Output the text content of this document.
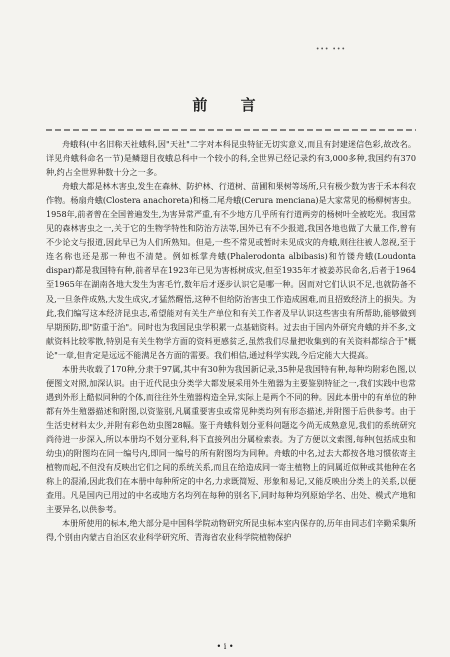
••• •••
前 言

舟蛾科(中名旧称天社蛾科,因"天社"二字对本科昆虫特征无切实意义,而且有封建迷信色彩,故改名。详见舟蛾科命名一节)是鳞翅目夜蛾总科中一个较小的科,全世界已经记录约有3,000多种,我国约有370种,约占全世界种数十分之一多。

舟蛾大都是林木害虫,发生在森林、防护林、行道树、苗圃和果树等场所,只有极少数为害于禾本科农作物。杨扇舟蛾(Clostera anachoreta)和杨二尾舟蛾(Cerura menciana)是大家常见的杨柳树害虫。1958年,前者曾在全国普遍发生,为害异常严重,有不少地方几乎所有行道两旁的杨树叶全被吃光。我国常见的森林害虫之一,关于它的生物学特性和防治方法等,国外已有不少报道,我国各地也做了大量工作,曾有不少论文与报道,因此早已为人们所熟知。但是,一些不常见或暂时未见成灾的舟蛾,则往往被人忽视,至于连名称也还是那一种也不清楚。例如栎掌舟蛾(Phalerodonta albibasis)和竹镂舟蛾(Loudonta dispar)都是我国特有种,前者早在1923年已见为害栎树成灾,但至1935年才被姜苏民命名,后者于1964至1965年在湖南各地大发生为害毛竹,数年后才逐步认识它是哪一种。因而对它们认识不足,也就防备不及,一旦条件成熟,大发生成灾,才猛然醒悟,这种不但给防治害虫工作造成困难,而且招致经济上的损失。为此,我们编写这本经济昆虫志,希望能对有关生产单位和有关工作者及早认识这些害虫有所帮助,能够做到早期预防,即"防重于治"。同时也为我国昆虫学积累一点基础资料。过去由于国内外研究舟蛾的并不多,文献资料比较零散,特别是有关生物学方面的资料更感贫乏,虽然我们尽量把收集到的有关资料都综合于"概论"一章,但肯定是远远不能满足各方面的需要。我们相信,通过科学实践,今后定能大大提高。

本册共收载了170种,分隶于97属,其中有30种为我国新记录,35种是我国特有种,每种均附彩色图,以便图文对照,加深认识。由于近代昆虫分类学大都发展采用外生殖器为主要鉴别特征之一,我们实践中也常遇到外形上酷似同种的个体,而往往外生殖器构造全异,实际上是两个不同的种。因此本册中的有单位的种都有外生殖器描述和附图,以资鉴别,凡属重要害虫或常见种类均列有形态描述,并附图于后供参考。由于生活史材料太少,并附有彩色幼虫图28幅。鉴于舟蛾科划分亚科问题迄今尚无成熟意见,我们的系统研究尚待进一步深入,所以本册均不划分亚科,科下直接列出分属检索表。为了方便以文索图,每种(包括成虫和幼虫)的附图均在同一编号内,即同一编号的所有附图均为同种。舟蛾的中名,过去大都按各地习惯依寄主植物而起,不但没有反映出它们之间的系统关系,而且在给造成同一寄主植物上的同属近似种或其他种在名称上的混淆,因此我们在本册中每种所定的中名,力求既简短、形象和易记,又能反映出分类上的关系,以便查用。凡是国内已用过的中名或地方名均列在每种的别名下,同时每种均列原始学名、出处、模式产地和主要异名,以供参考。

本册所使用的标本,绝大部分是中国科学院动物研究所昆虫标本室内保存的,历年由同志们辛勤采集所得,个别由内蒙古自治区农业科学研究所、青海省农业科学院植物保护

• i •
